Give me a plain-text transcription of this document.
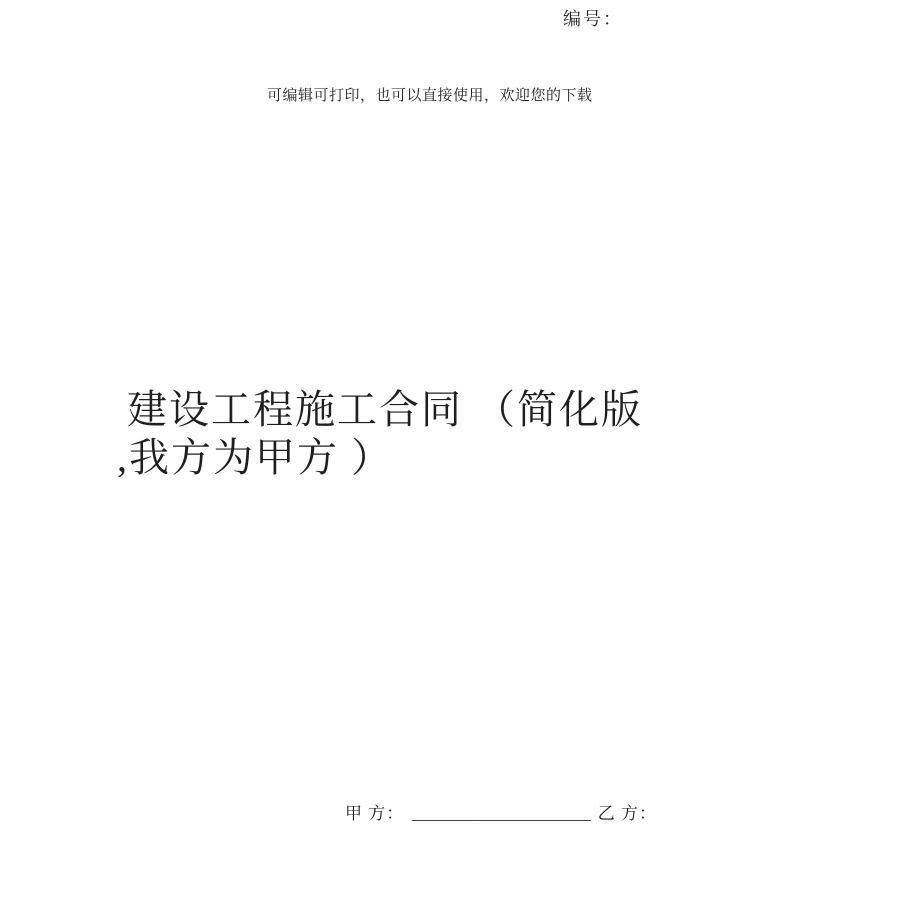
编号：
可编辑可打印，也可以直接使用，欢迎您的下载
建设工程施工合同 （简化版
,我方为甲方 ）
甲 方： _____________________ 乙 方：
